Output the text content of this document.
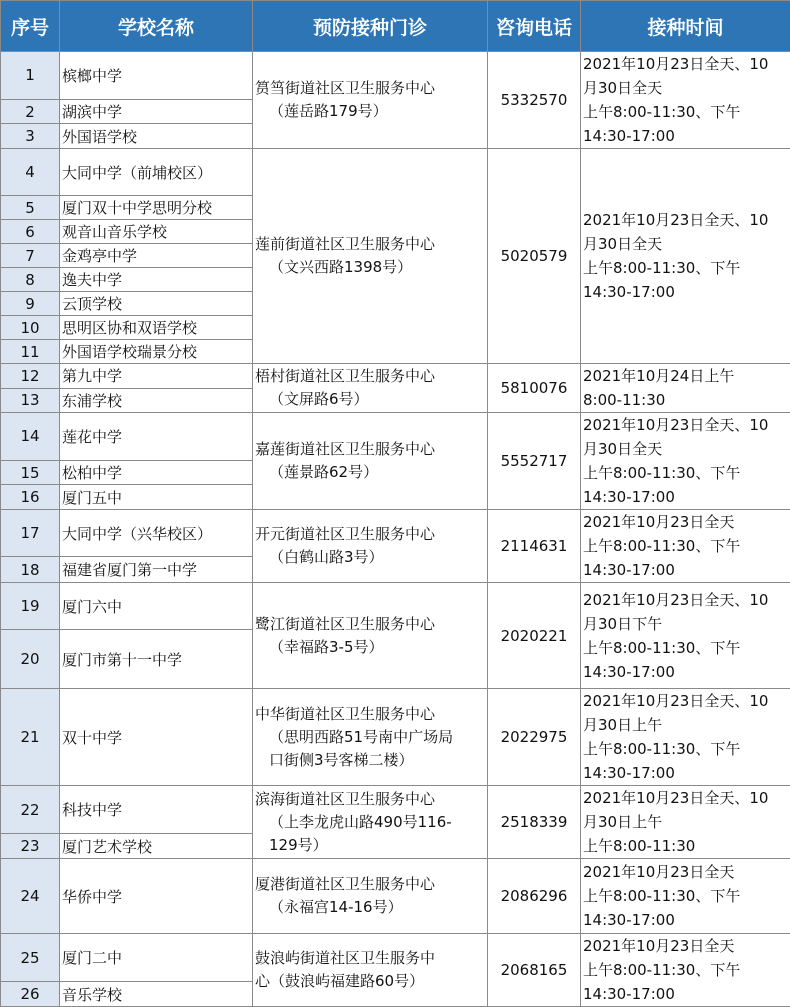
序号	学校名称	预防接种门诊	咨询电话	接种时间
1	槟榔中学	筼筜街道社区卫生服务中心
（莲岳路179号）	5332570	2021年10月23日全天、10
月30日全天
上午8:00-11:30、下午
14:30-17:00

2	湖滨中学			
3	外国语学校			
4	大同中学（前埔校区）	莲前街道社区卫生服务中心
（文兴西路1398号）	5020579	2021年10月23日全天、10
月30日全天
上午8:00-11:30、下午
14:30-17:00

5	厦门双十中学思明分校			
6	观音山音乐学校			
7	金鸡亭中学			
8	逸夫中学			
9	云顶学校			
10	思明区协和双语学校			
11	外国语学校瑞景分校			
12	第九中学	梧村街道社区卫生服务中心
（文屏路6号）	5810076	2021年10月24日上午
8:00-11:30

13	东浦学校			
14	莲花中学	嘉莲街道社区卫生服务中心
（莲景路62号）	5552717	2021年10月23日全天、10
月30日全天
上午8:00-11:30、下午
14:30-17:00

15	松柏中学			
16	厦门五中			
17	大同中学（兴华校区）	开元街道社区卫生服务中心
（白鹤山路3号）	2114631	2021年10月23日全天
上午8:00-11:30、下午
14:30-17:00

18	福建省厦门第一中学			
19	厦门六中	鹭江街道社区卫生服务中心
（幸福路3-5号）	2020221	2021年10月23日全天、10
月30日下午
上午8:00-11:30、下午
14:30-17:00

20	厦门市第十一中学			
21	双十中学	中华街道社区卫生服务中心
（思明西路51号南中广场局
口街侧3号客梯二楼）	2022975	2021年10月23日全天、10
月30日上午
上午8:00-11:30、下午
14:30-17:00

22	科技中学	滨海街道社区卫生服务中心
（上李龙虎山路490号116-
129号）	2518339	2021年10月23日全天、10
月30日上午
上午8:00-11:30

23	厦门艺术学校			
24	华侨中学	厦港街道社区卫生服务中心
（永福宫14-16号）	2086296	2021年10月23日全天
上午8:00-11:30、下午
14:30-17:00

25	厦门二中	鼓浪屿街道社区卫生服务中
心（鼓浪屿福建路60号）	2068165	2021年10月23日全天
上午8:00-11:30、下午
14:30-17:00

26	音乐学校			
